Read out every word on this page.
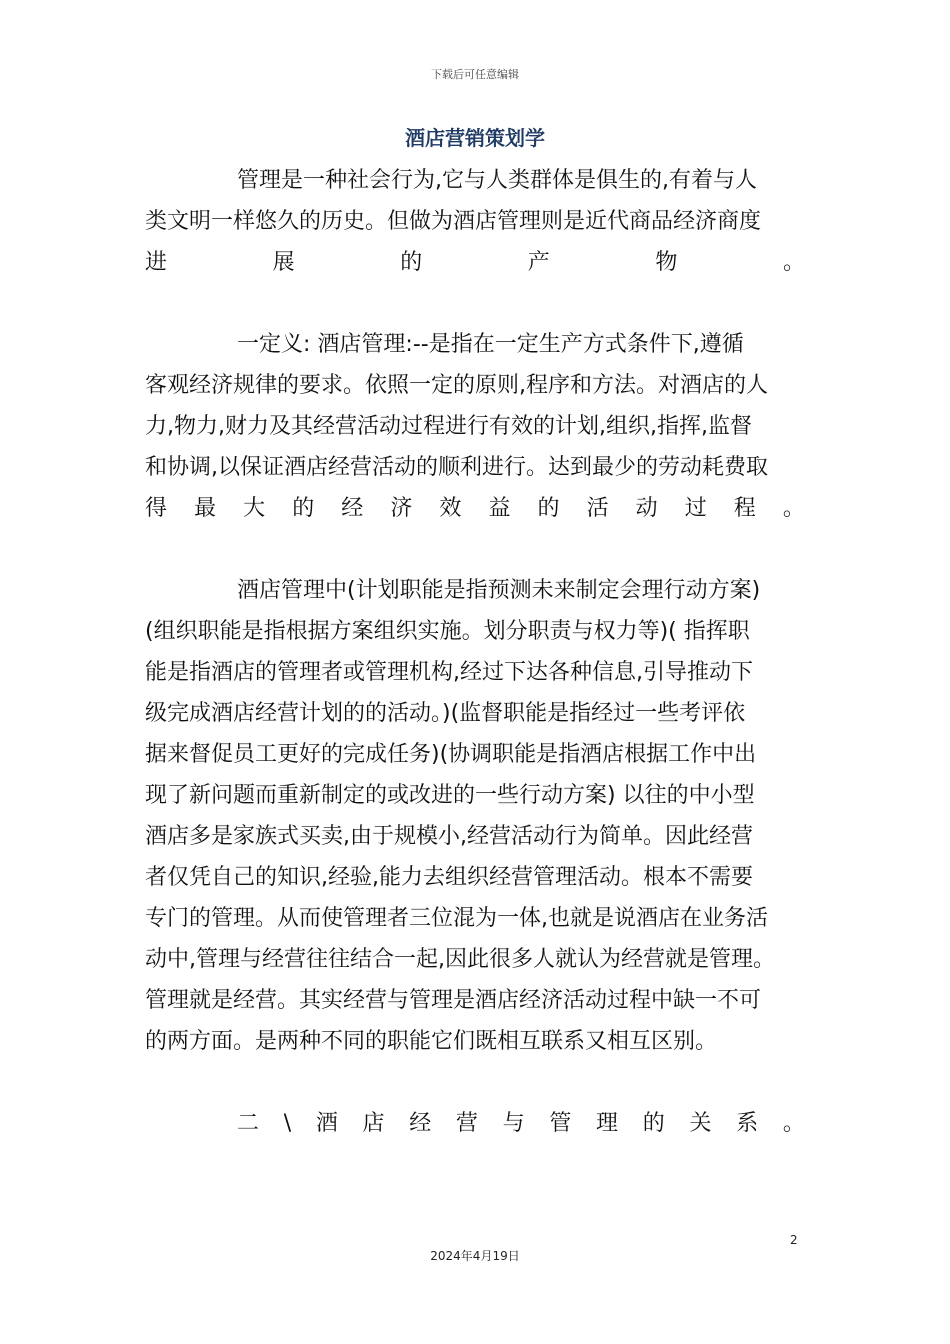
下载后可任意编辑
酒店营销策划学
管理是一种社会行为,它与人类群体是俱生的,有着与人
类文明一样悠久的历史。但做为酒店管理则是近代商品经济商度
进	展	的	产	物	。
一定义: 酒店管理:--是指在一定生产方式条件下,遵循
客观经济规律的要求。依照一定的原则,程序和方法。对酒店的人
力,物力,财力及其经营活动过程进行有效的计划,组织,指挥,监督
和协调,以保证酒店经营活动的顺利进行。达到最少的劳动耗费取
得 最 大 的 经 济 效 益 的 活 动 过 程 。
酒店管理中(计划职能是指预测未来制定会理行动方案)
(组织职能是指根据方案组织实施。划分职责与权力等)( 指挥职
能是指酒店的管理者或管理机构,经过下达各种信息,引导推动下
级完成酒店经营计划的的活动。)(监督职能是指经过一些考评依
据来督促员工更好的完成任务)(协调职能是指酒店根据工作中出
现了新问题而重新制定的或改进的一些行动方案) 以往的中小型
酒店多是家族式买卖,由于规模小,经营活动行为简单。因此经营
者仅凭自己的知识,经验,能力去组织经营管理活动。根本不需要
专门的管理。从而使管理者三位混为一体,也就是说酒店在业务活
动中,管理与经营往往结合一起,因此很多人就认为经营就是管理。
管理就是经营。其实经营与管理是酒店经济活动过程中缺一不可
的两方面。是两种不同的职能它们既相互联系又相互区别。
二 \ 酒 店 经 营 与 管 理 的 关 系 。
2
2024年4月19日
